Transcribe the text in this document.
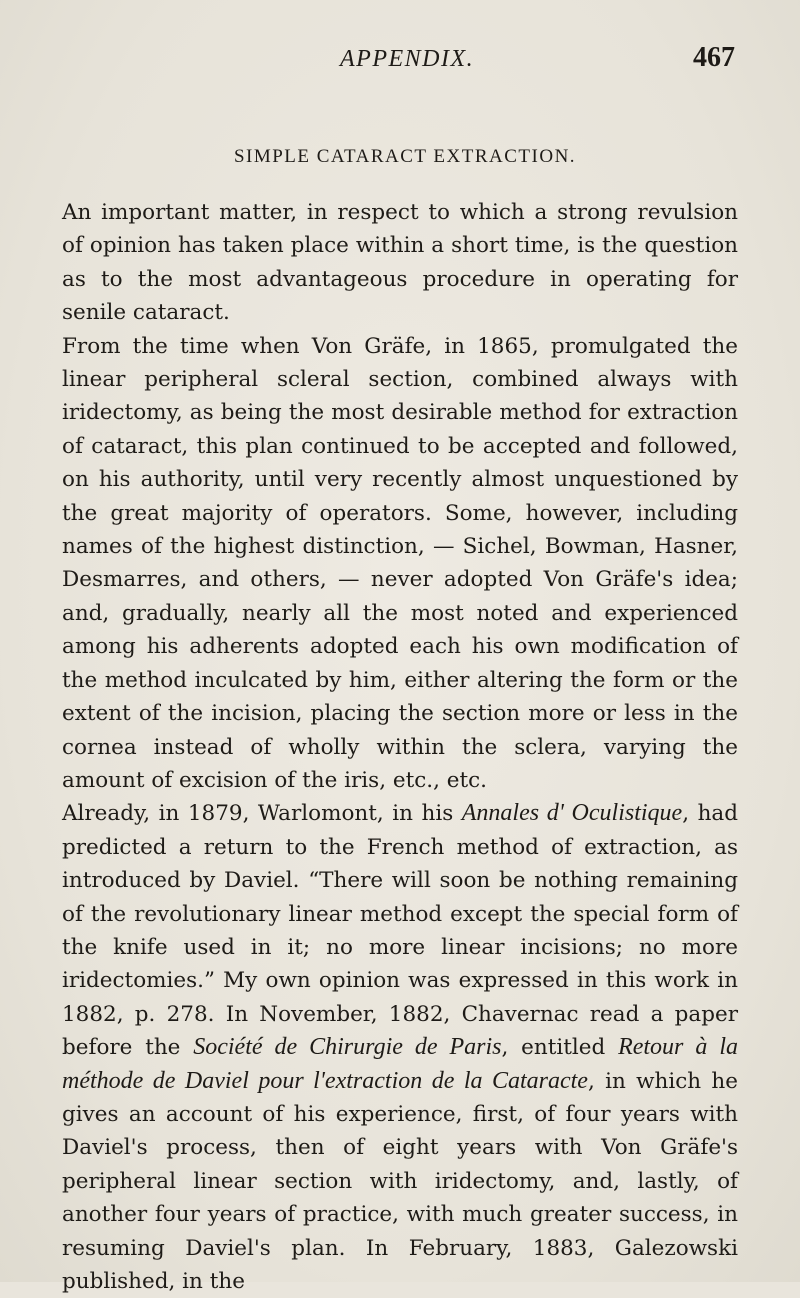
APPENDIX.	467
SIMPLE CATARACT EXTRACTION.

An important matter, in respect to which a strong revulsion of opinion has taken place within a short time, is the question as to the most advantageous procedure in operating for senile cataract.

From the time when Von Gräfe, in 1865, promulgated the linear peripheral scleral section, combined always with iridectomy, as being the most desirable method for extraction of cataract, this plan continued to be accepted and followed, on his authority, until very recently almost unquestioned by the great majority of operators. Some, however, including names of the highest distinction, — Sichel, Bowman, Hasner, Desmarres, and others, — never adopted Von Gräfe's idea; and, gradually, nearly all the most noted and experienced among his adherents adopted each his own modification of the method inculcated by him, either altering the form or the extent of the incision, placing the section more or less in the cornea instead of wholly within the sclera, varying the amount of excision of the iris, etc., etc.

Already, in 1879, Warlomont, in his Annales d' Oculistique, had predicted a return to the French method of extraction, as introduced by Daviel. “There will soon be nothing remaining of the revolutionary linear method except the special form of the knife used in it; no more linear incisions; no more iridectomies.” My own opinion was expressed in this work in 1882, p. 278. In November, 1882, Chavernac read a paper before the Société de Chirurgie de Paris, entitled Retour à la méthode de Daviel pour l'extraction de la Cataracte, in which he gives an account of his experience, first, of four years with Daviel's process, then of eight years with Von Gräfe's peripheral linear section with iridectomy, and, lastly, of another four years of practice, with much greater success, in resuming Daviel's plan. In February, 1883, Galezowski published, in the
